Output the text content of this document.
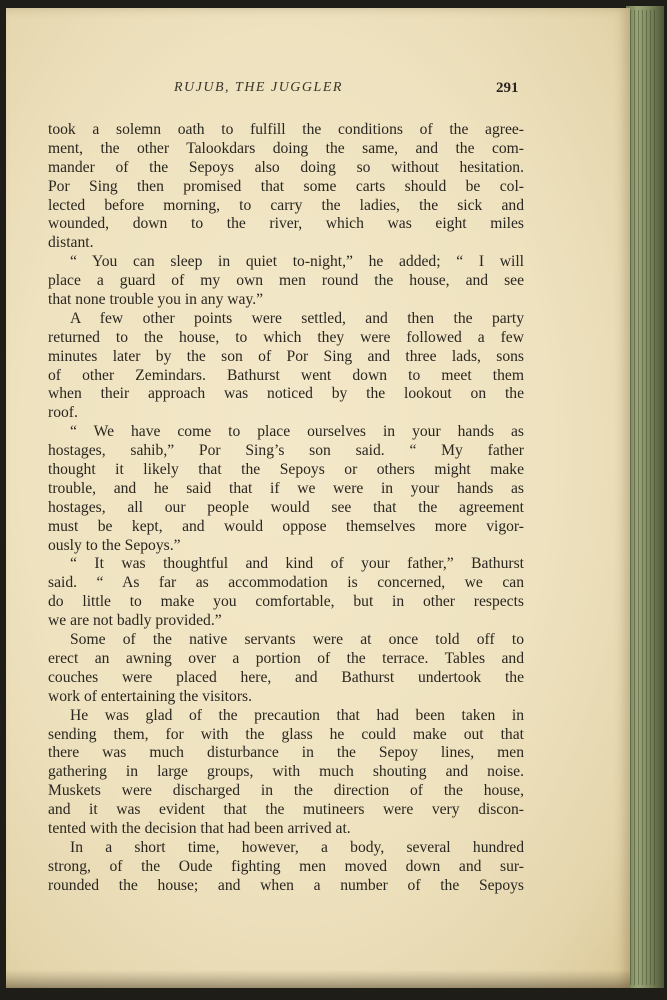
RUJUB, THE JUGGLER	291
took a solemn oath to fulfill the conditions of the agree-
ment, the other Talookdars doing the same, and the com-
mander of the Sepoys also doing so without hesitation.
Por Sing then promised that some carts should be col-
lected before morning, to carry the ladies, the sick and
wounded, down to the river, which was eight miles
distant.
“ You can sleep in quiet to-night,” he added; “ I will
place a guard of my own men round the house, and see
that none trouble you in any way.”
A few other points were settled, and then the party
returned to the house, to which they were followed a few
minutes later by the son of Por Sing and three lads, sons
of other Zemindars. Bathurst went down to meet them
when their approach was noticed by the lookout on the
roof.
“ We have come to place ourselves in your hands as
hostages, sahib,” Por Sing’s son said. “ My father
thought it likely that the Sepoys or others might make
trouble, and he said that if we were in your hands as
hostages, all our people would see that the agreement
must be kept, and would oppose themselves more vigor-
ously to the Sepoys.”
“ It was thoughtful and kind of your father,” Bathurst
said. “ As far as accommodation is concerned, we can
do little to make you comfortable, but in other respects
we are not badly provided.”
Some of the native servants were at once told off to
erect an awning over a portion of the terrace. Tables and
couches were placed here, and Bathurst undertook the
work of entertaining the visitors.
He was glad of the precaution that had been taken in
sending them, for with the glass he could make out that
there was much disturbance in the Sepoy lines, men
gathering in large groups, with much shouting and noise.
Muskets were discharged in the direction of the house,
and it was evident that the mutineers were very discon-
tented with the decision that had been arrived at.
In a short time, however, a body, several hundred
strong, of the Oude fighting men moved down and sur-
rounded the house; and when a number of the Sepoys
